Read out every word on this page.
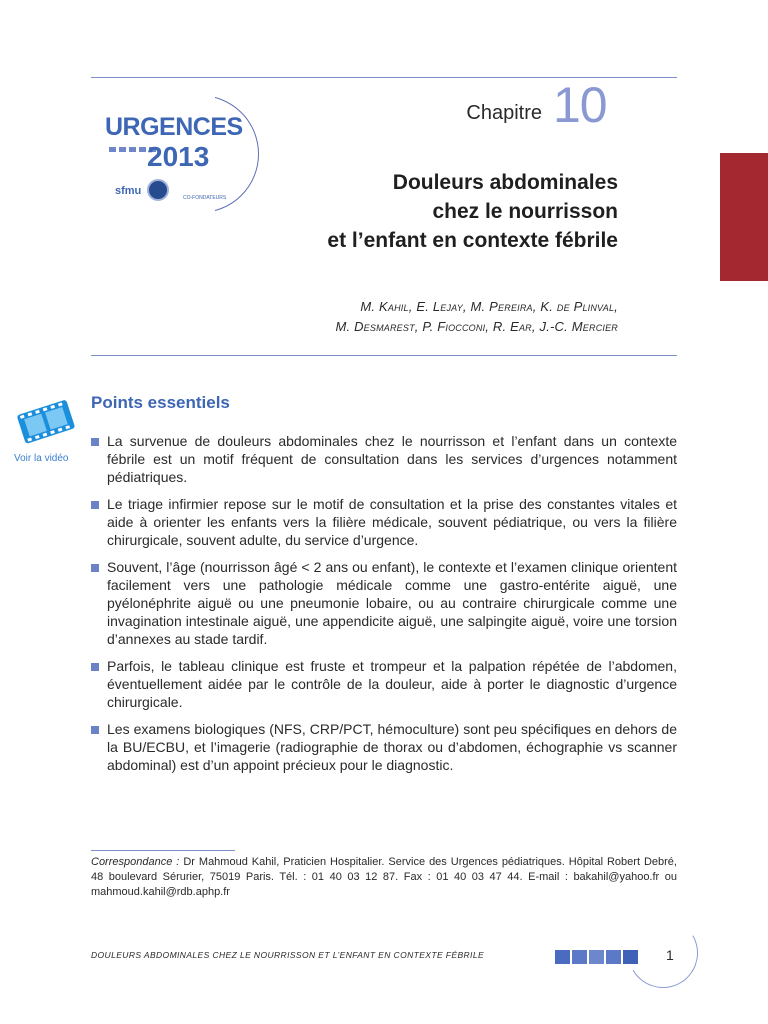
URGENCES
2013
sfmu
CO-FONDATEURS
Chapitre 10
Douleurs abdominales
chez le nourrisson
et l’enfant en contexte fébrile
M. Kahil, E. Lejay, M. Pereira, K. de Plinval,
M. Desmarest, P. Fiocconi, R. Ear, J.-C. Mercier
Voir la vidéo
Points essentiels
La survenue de douleurs abdominales chez le nourrisson et l’enfant dans un contexte fébrile est un motif fréquent de consultation dans les services d’urgences notamment pédiatriques.
Le triage infirmier repose sur le motif de consultation et la prise des constantes vitales et aide à orienter les enfants vers la filière médicale, souvent pédiatrique, ou vers la filière chirurgicale, souvent adulte, du service d’urgence.
Souvent, l’âge (nourrisson âgé < 2 ans ou enfant), le contexte et l’examen clinique orientent facilement vers une pathologie médicale comme une gastro-entérite aiguë, une pyélonéphrite aiguë ou une pneumonie lobaire, ou au contraire chirurgicale comme une invagination intestinale aiguë, une appendicite aiguë, une salpingite aiguë, voire une torsion d’annexes au stade tardif.
Parfois, le tableau clinique est fruste et trompeur et la palpation répétée de l’abdomen, éventuellement aidée par le contrôle de la douleur, aide à porter le diagnostic d’urgence chirurgicale.
Les examens biologiques (NFS, CRP/PCT, hémoculture) sont peu spécifiques en dehors de la BU/ECBU, et l’imagerie (radiographie de thorax ou d’abdomen, échographie vs scanner abdominal) est d’un appoint précieux pour le diagnostic.
Correspondance : Dr Mahmoud Kahil, Praticien Hospitalier. Service des Urgences pédiatriques. Hôpital Robert Debré, 48 boulevard Sérurier, 75019 Paris. Tél. : 01 40 03 12 87. Fax : 01 40 03 47 44. E-mail : bakahil@yahoo.fr ou mahmoud.kahil@rdb.aphp.fr
DOULEURS ABDOMINALES CHEZ LE NOURRISSON ET L’ENFANT EN CONTEXTE FÉBRILE	1
